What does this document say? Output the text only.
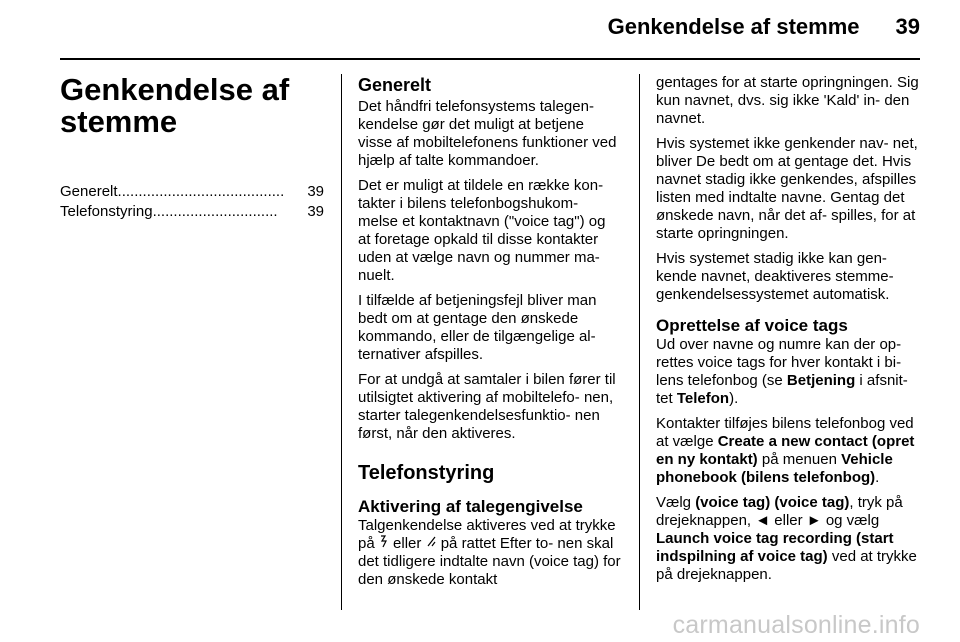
Genkendelse af stemme 39
Genkendelse af
stemme
Generelt ........................................	39
Telefonstyring ..............................	39
Generelt

Det håndfri telefonsystems talegen- kendelse gør det muligt at betjene visse af mobiltelefonens funktioner ved hjælp af talte kommandoer.

Det er muligt at tildele en række kon- takter i bilens telefonbogshukom- melse et kontaktnavn ("voice tag") og at foretage opkald til disse kontakter uden at vælge navn og nummer ma- nuelt.

I tilfælde af betjeningsfejl bliver man bedt om at gentage den ønskede kommando, eller de tilgængelige al- ternativer afspilles.

For at undgå at samtaler i bilen fører til utilsigtet aktivering af mobiltelefo- nen, starter talegenkendelsesfunktio- nen først, når den aktiveres.

Telefonstyring
Aktivering af talegengivelse

Talgenkendelse aktiveres ved at trykke på  eller  på rattet Efter to- nen skal det tidligere indtalte navn (voice tag) for den ønskede kontakt

gentages for at starte opringningen. Sig kun navnet, dvs. sig ikke 'Kald' in- den navnet.

Hvis systemet ikke genkender nav- net, bliver De bedt om at gentage det. Hvis navnet stadig ikke genkendes, afspilles listen med indtalte navne. Gentag det ønskede navn, når det af- spilles, for at starte opringningen.

Hvis systemet stadig ikke kan gen- kende navnet, deaktiveres stemme- genkendelsessystemet automatisk.

Oprettelse af voice tags

Ud over navne og numre kan der op- rettes voice tags for hver kontakt i bi- lens telefonbog (se Betjening i afsnit- tet Telefon).

Kontakter tilføjes bilens telefonbog ved at vælge Create a new contact (opret en ny kontakt) på menuen Vehicle phonebook (bilens telefonbog).

Vælg (voice tag) (voice tag), tryk på drejeknappen, ◄ eller ► og vælg Launch voice tag recording (start indspilning af voice tag) ved at trykke på drejeknappen.

carmanualsonline.info
